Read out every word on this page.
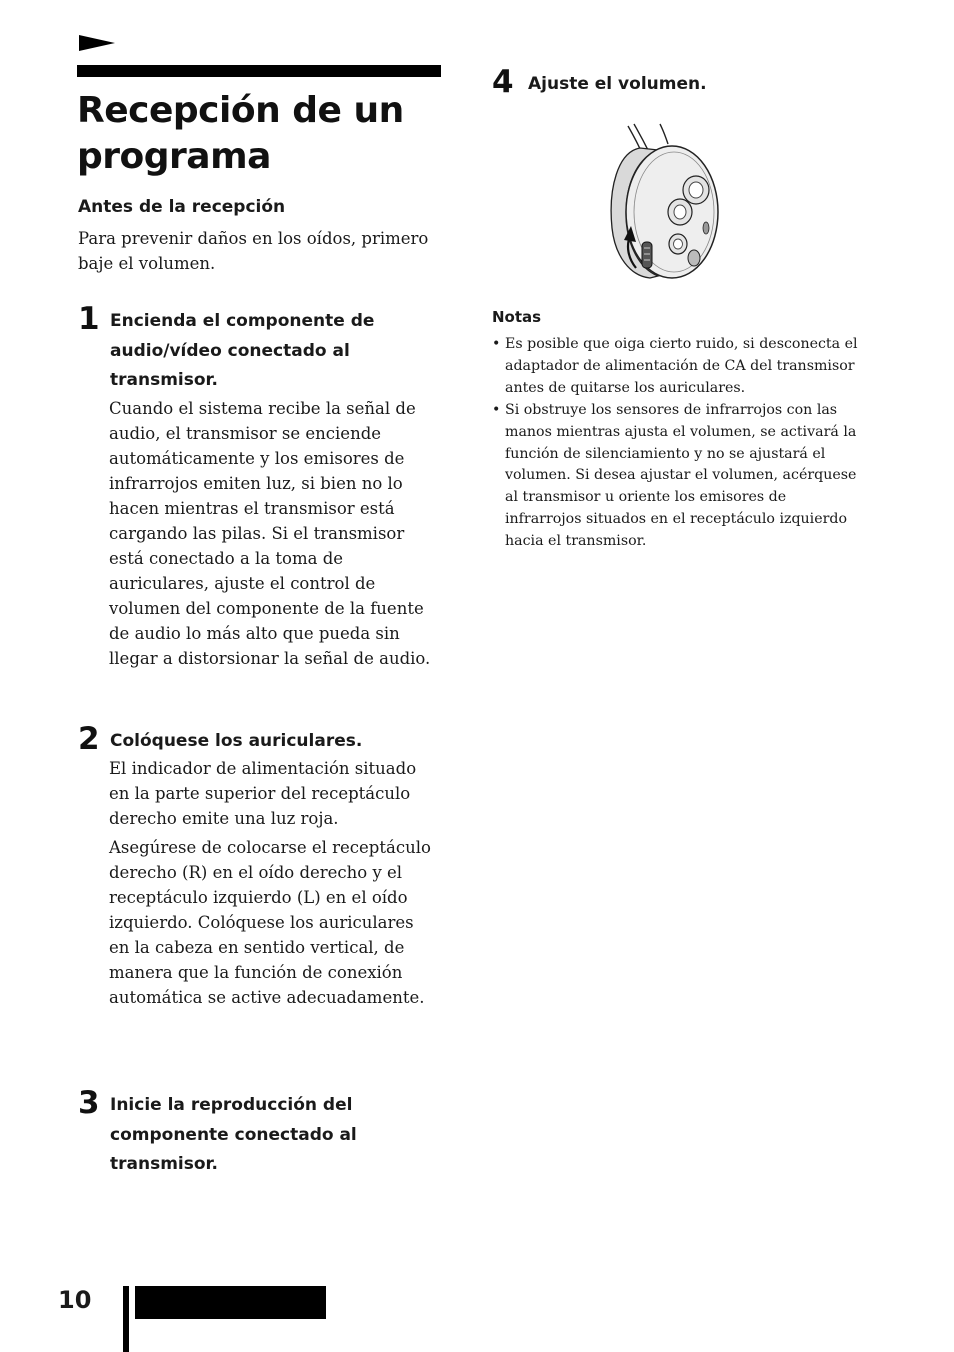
Recepción de un programa
Antes de la recepción

Para prevenir daños en los oídos, primero baje el volumen.

1 Encienda el componente de audio/vídeo conectado al transmisor.

Cuando el sistema recibe la señal de audio, el transmisor se enciende automáticamente y los emisores de infrarrojos emiten luz, si bien no lo hacen mientras el transmisor está cargando las pilas. Si el transmisor está conectado a la toma de auriculares, ajuste el control de volumen del componente de la fuente de audio lo más alto que pueda sin llegar a distorsionar la señal de audio.

2 Colóquese los auriculares.

El indicador de alimentación situado en la parte superior del receptáculo derecho emite una luz roja.

Asegúrese de colocarse el receptáculo derecho (R) en el oído derecho y el receptáculo izquierdo (L) en el oído izquierdo. Colóquese los auriculares en la cabeza en sentido vertical, de manera que la función de conexión automática se active adecuadamente.

3 Inicie la reproducción del componente conectado al transmisor.

4 Ajuste el volumen.

Notas
• Es posible que oiga cierto ruido, si desconecta el adaptador de alimentación de CA del transmisor antes de quitarse los auriculares.
• Si obstruye los sensores de infrarrojos con las manos mientras ajusta el volumen, se activará la función de silenciamiento y no se ajustará el volumen. Si desea ajustar el volumen, acérquese al transmisor u oriente los emisores de infrarrojos situados en el receptáculo izquierdo hacia el transmisor.
10
